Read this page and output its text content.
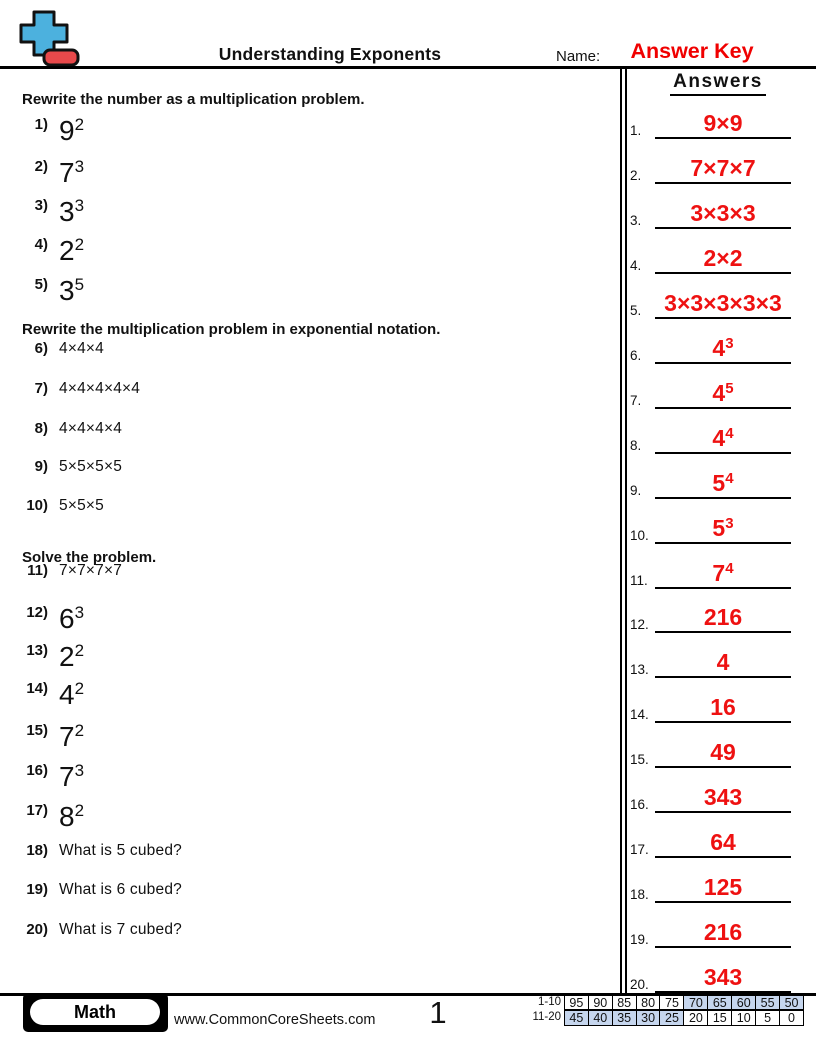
Understanding Exponents	Name:	Answer Key
Answers
Rewrite the number as a multiplication problem.
1) $9^2$
2) $7^3$
3) $3^3$
4) $2^2$
5) $3^5$
Rewrite the multiplication problem in exponential notation.
6) 4×4×4
7) 4×4×4×4×4
8) 4×4×4×4
9) 5×5×5×5
10) 5×5×5
Solve the problem.
11) 7×7×7×7
12) $6^3$
13) $2^2$
14) $4^2$
15) $7^2$
16) $7^3$
17) $8^2$
18) What is 5 cubed?
19) What is 6 cubed?
20) What is 7 cubed?
1.	9×9
2.	7×7×7
3.	3×3×3
4.	2×2
5. 3×3×3×3×3
6.	$4^3$
7.	$4^5$
8.	$4^4$
9.	$5^4$
10.	$5^3$
11.	$7^4$
12.	216
13.	4
14.	16
15.	49
16.	343
17.	64
18.	125
19.	216
20.	343
Math	www.CommonCoreSheets.com	1	1-10 95 90 85 80 75 70 65 60 55 50
11-20 45 40 35 30 25 20 15 10	5	0
